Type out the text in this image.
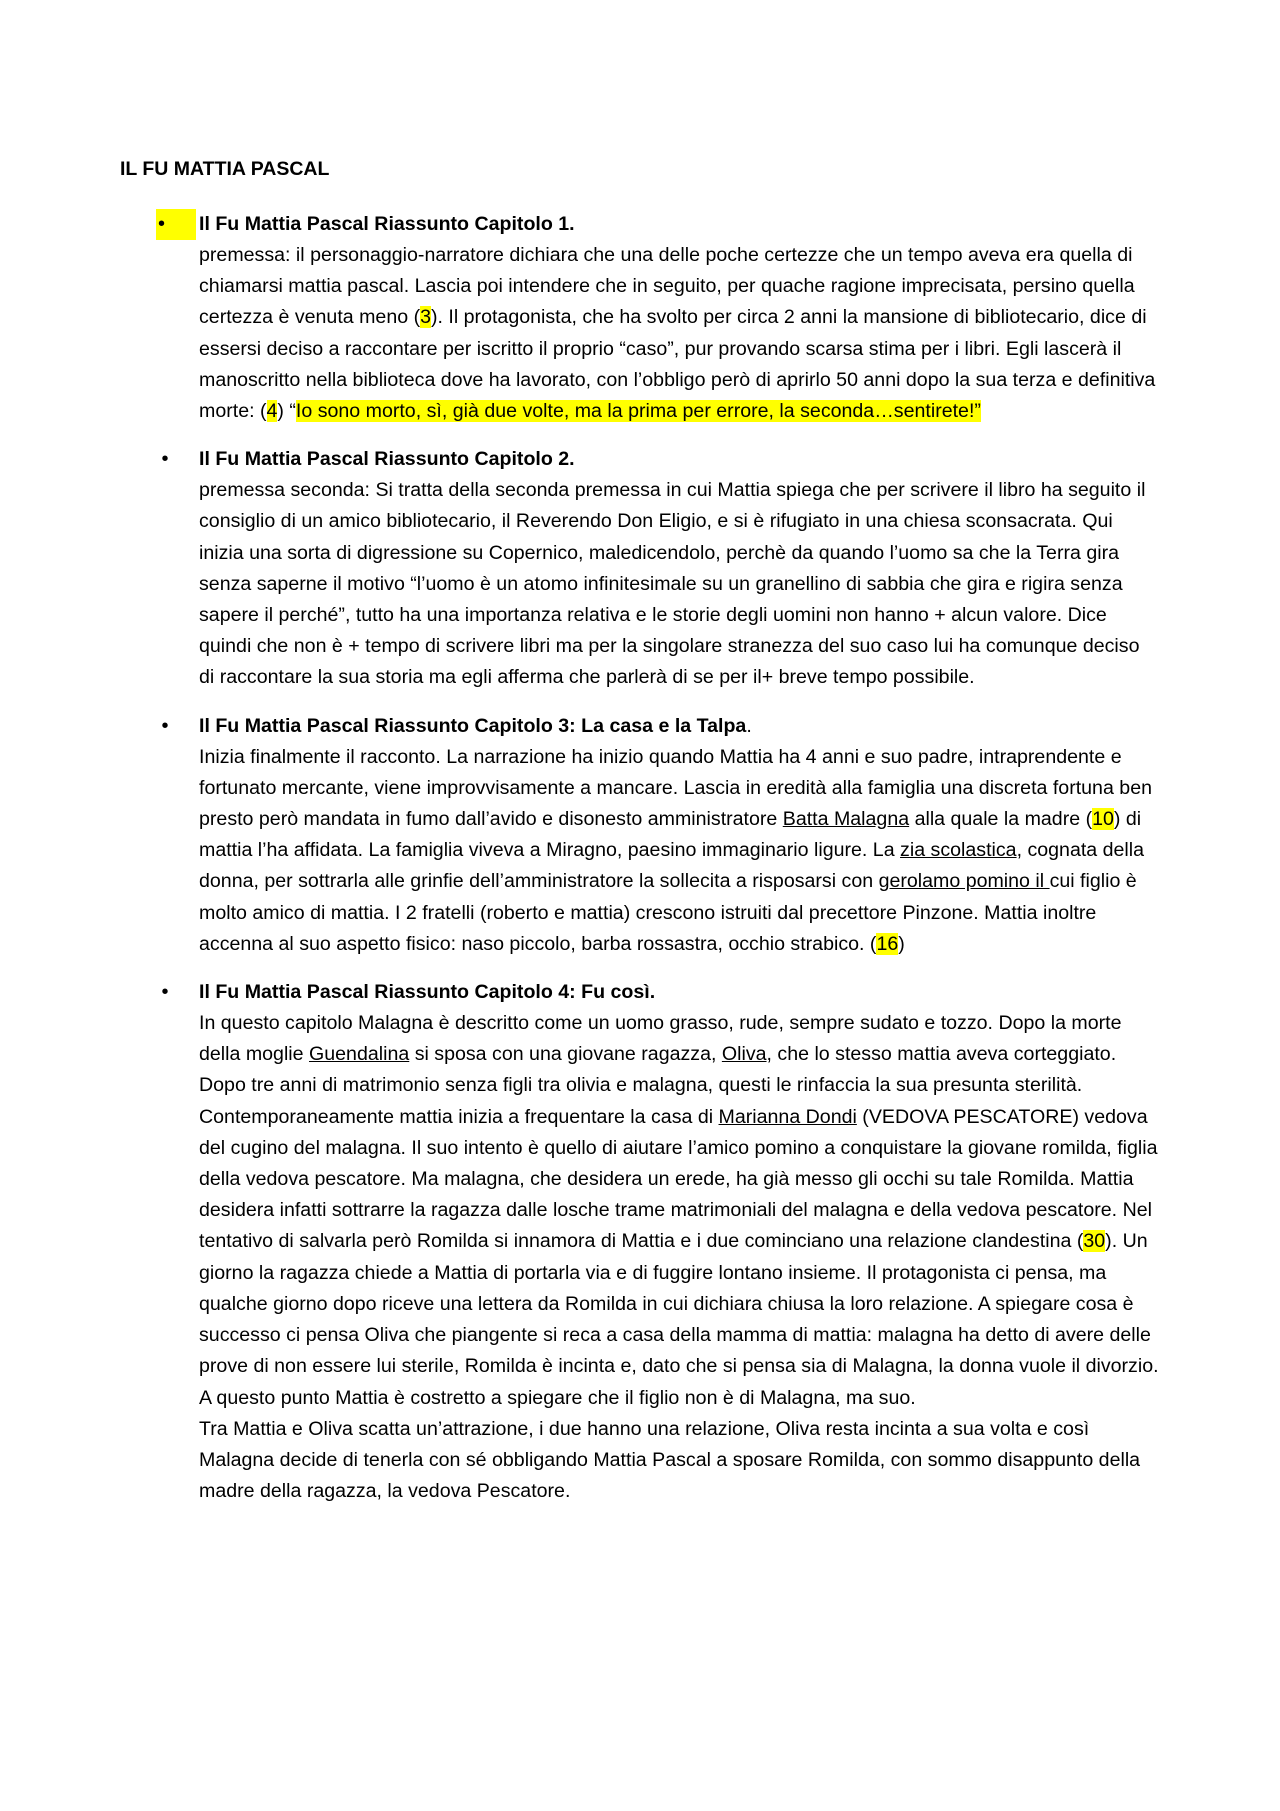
IL FU MATTIA PASCAL
•	Il Fu Mattia Pascal Riassunto Capitolo 1.
premessa: il personaggio-narratore dichiara che una delle poche certezze che un tempo aveva era quella di chiamarsi mattia pascal. Lascia poi intendere che in seguito, per quache ragione imprecisata, persino quella certezza è venuta meno (3). Il protagonista, che ha svolto per circa 2 anni la mansione di bibliotecario, dice di essersi deciso a raccontare per iscritto il proprio “caso”, pur provando scarsa stima per i libri. Egli lascerà il manoscritto nella biblioteca dove ha lavorato, con l’obbligo però di aprirlo 50 anni dopo la sua terza e definitiva morte: (4) “Io sono morto, sì, già due volte, ma la prima per errore, la seconda…sentirete!”
• Il Fu Mattia Pascal Riassunto Capitolo 2.
premessa seconda: Si tratta della seconda premessa in cui Mattia spiega che per scrivere il libro ha seguito il consiglio di un amico bibliotecario, il Reverendo Don Eligio, e si è rifugiato in una chiesa sconsacrata. Qui inizia una sorta di digressione su Copernico, maledicendolo, perchè da quando l’uomo sa che la Terra gira senza saperne il motivo “l’uomo è un atomo infinitesimale su un granellino di sabbia che gira e rigira senza sapere il perché”, tutto ha una importanza relativa e le storie degli uomini non hanno + alcun valore. Dice quindi che non è + tempo di scrivere libri ma per la singolare stranezza del suo caso lui ha comunque deciso di raccontare la sua storia ma egli afferma che parlerà di se per il+ breve tempo possibile.
• Il Fu Mattia Pascal Riassunto Capitolo 3: La casa e la Talpa.
Inizia finalmente il racconto. La narrazione ha inizio quando Mattia ha 4 anni e suo padre, intraprendente e fortunato mercante, viene improvvisamente a mancare. Lascia in eredità alla famiglia una discreta fortuna ben presto però mandata in fumo dall’avido e disonesto amministratore Batta Malagna alla quale la madre (10) di mattia l’ha affidata. La famiglia viveva a Miragno, paesino immaginario ligure. La zia scolastica, cognata della donna, per sottrarla alle grinfie dell’amministratore la sollecita a risposarsi con gerolamo pomino il cui figlio è molto amico di mattia. I 2 fratelli (roberto e mattia) crescono istruiti dal precettore Pinzone. Mattia inoltre accenna al suo aspetto fisico: naso piccolo, barba rossastra, occhio strabico. (16)
• Il Fu Mattia Pascal Riassunto Capitolo 4: Fu così.
In questo capitolo Malagna è descritto come un uomo grasso, rude, sempre sudato e tozzo. Dopo la morte della moglie Guendalina si sposa con una giovane ragazza, Oliva, che lo stesso mattia aveva corteggiato. Dopo tre anni di matrimonio senza figli tra olivia e malagna, questi le rinfaccia la sua presunta sterilità. Contemporaneamente mattia inizia a frequentare la casa di Marianna Dondi (VEDOVA PESCATORE) vedova del cugino del malagna. Il suo intento è quello di aiutare l’amico pomino a conquistare la giovane romilda, figlia della vedova pescatore. Ma malagna, che desidera un erede, ha già messo gli occhi su tale Romilda. Mattia desidera infatti sottrarre la ragazza dalle losche trame matrimoniali del malagna e della vedova pescatore. Nel tentativo di salvarla però Romilda si innamora di Mattia e i due cominciano una relazione clandestina (30). Un giorno la ragazza chiede a Mattia di portarla via e di fuggire lontano insieme. Il protagonista ci pensa, ma qualche giorno dopo riceve una lettera da Romilda in cui dichiara chiusa la loro relazione. A spiegare cosa è successo ci pensa Oliva che piangente si reca a casa della mamma di mattia: malagna ha detto di avere delle prove di non essere lui sterile, Romilda è incinta e, dato che si pensa sia di Malagna, la donna vuole il divorzio. A questo punto Mattia è costretto a spiegare che il figlio non è di Malagna, ma suo.
Tra Mattia e Oliva scatta un’attrazione, i due hanno una relazione, Oliva resta incinta a sua volta e così Malagna decide di tenerla con sé obbligando Mattia Pascal a sposare Romilda, con sommo disappunto della madre della ragazza, la vedova Pescatore.
